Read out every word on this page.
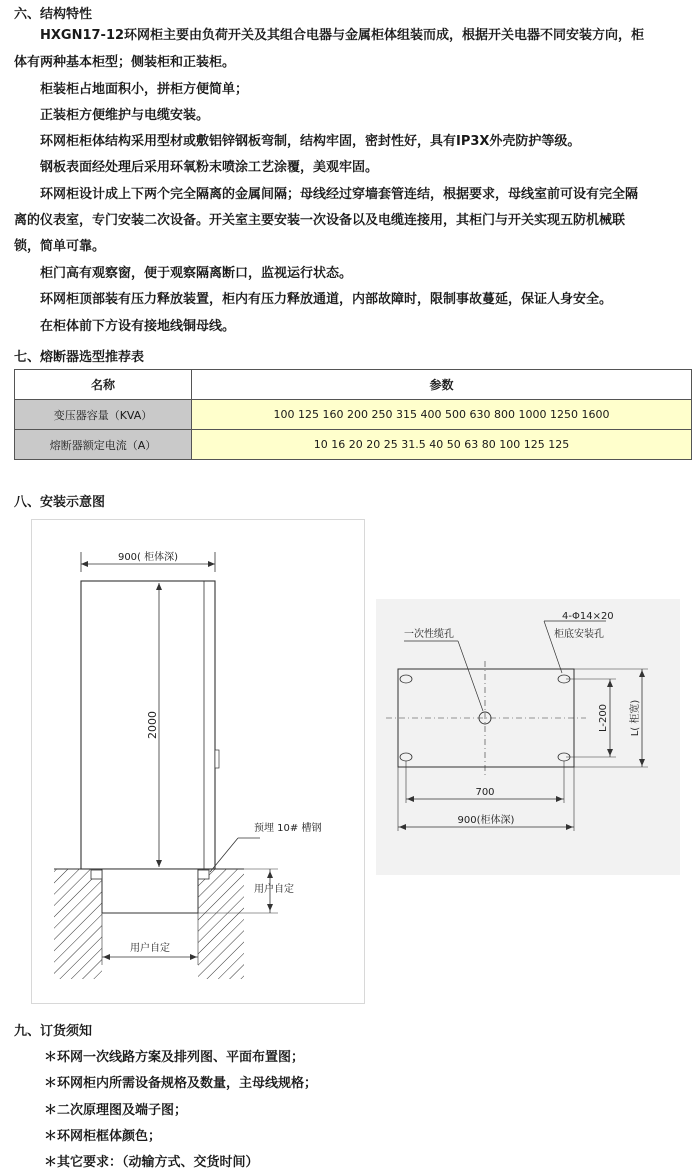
六、结构特性
HXGN17-12环网柜主要由负荷开关及其组合电器与金属柜体组装而成，根据开关电器不同安装方向，柜
体有两种基本柜型；侧装柜和正装柜。
柜装柜占地面积小，拼柜方便简单；
正装柜方便维护与电缆安装。
环网柜柜体结构采用型材或敷铝锌钢板弯制，结构牢固，密封性好，具有IP3X外壳防护等级。
钢板表面经处理后采用环氧粉末喷涂工艺涂覆，美观牢固。
环网柜设计成上下两个完全隔离的金属间隔；母线经过穿墙套管连结，根据要求，母线室前可设有完全隔
离的仪表室，专门安装二次设备。开关室主要安装一次设备以及电缆连接用，其柜门与开关实现五防机械联
锁，简单可靠。
柜门高有观察窗，便于观察隔离断口，监视运行状态。
环网柜顶部装有压力释放装置，柜内有压力释放通道，内部故障时，限制事故蔓延，保证人身安全。
在柜体前下方设有接地线铜母线。
七、熔断器选型推荐表
名称	参数
变压器容量（KVA）	100 125 160 200 250 315 400 500 630 800 1000 1250 1600
熔断器额定电流（A）	10 16 20 20 25 31.5 40 50 63 80 100 125 125
八、安装示意图
900( 柜体深)
2000
预埋 10# 槽钢
用户自定
用户自定
4-Φ14×20
柜底安装孔
一次性缆孔
L-200 L( 柜宽)
700
900(柜体深)
九、订货须知
＊环网一次线路方案及排列图、平面布置图；
＊环网柜内所需设备规格及数量，主母线规格；
＊二次原理图及端子图；
＊环网柜框体颜色；
＊其它要求：（动输方式、交货时间）
